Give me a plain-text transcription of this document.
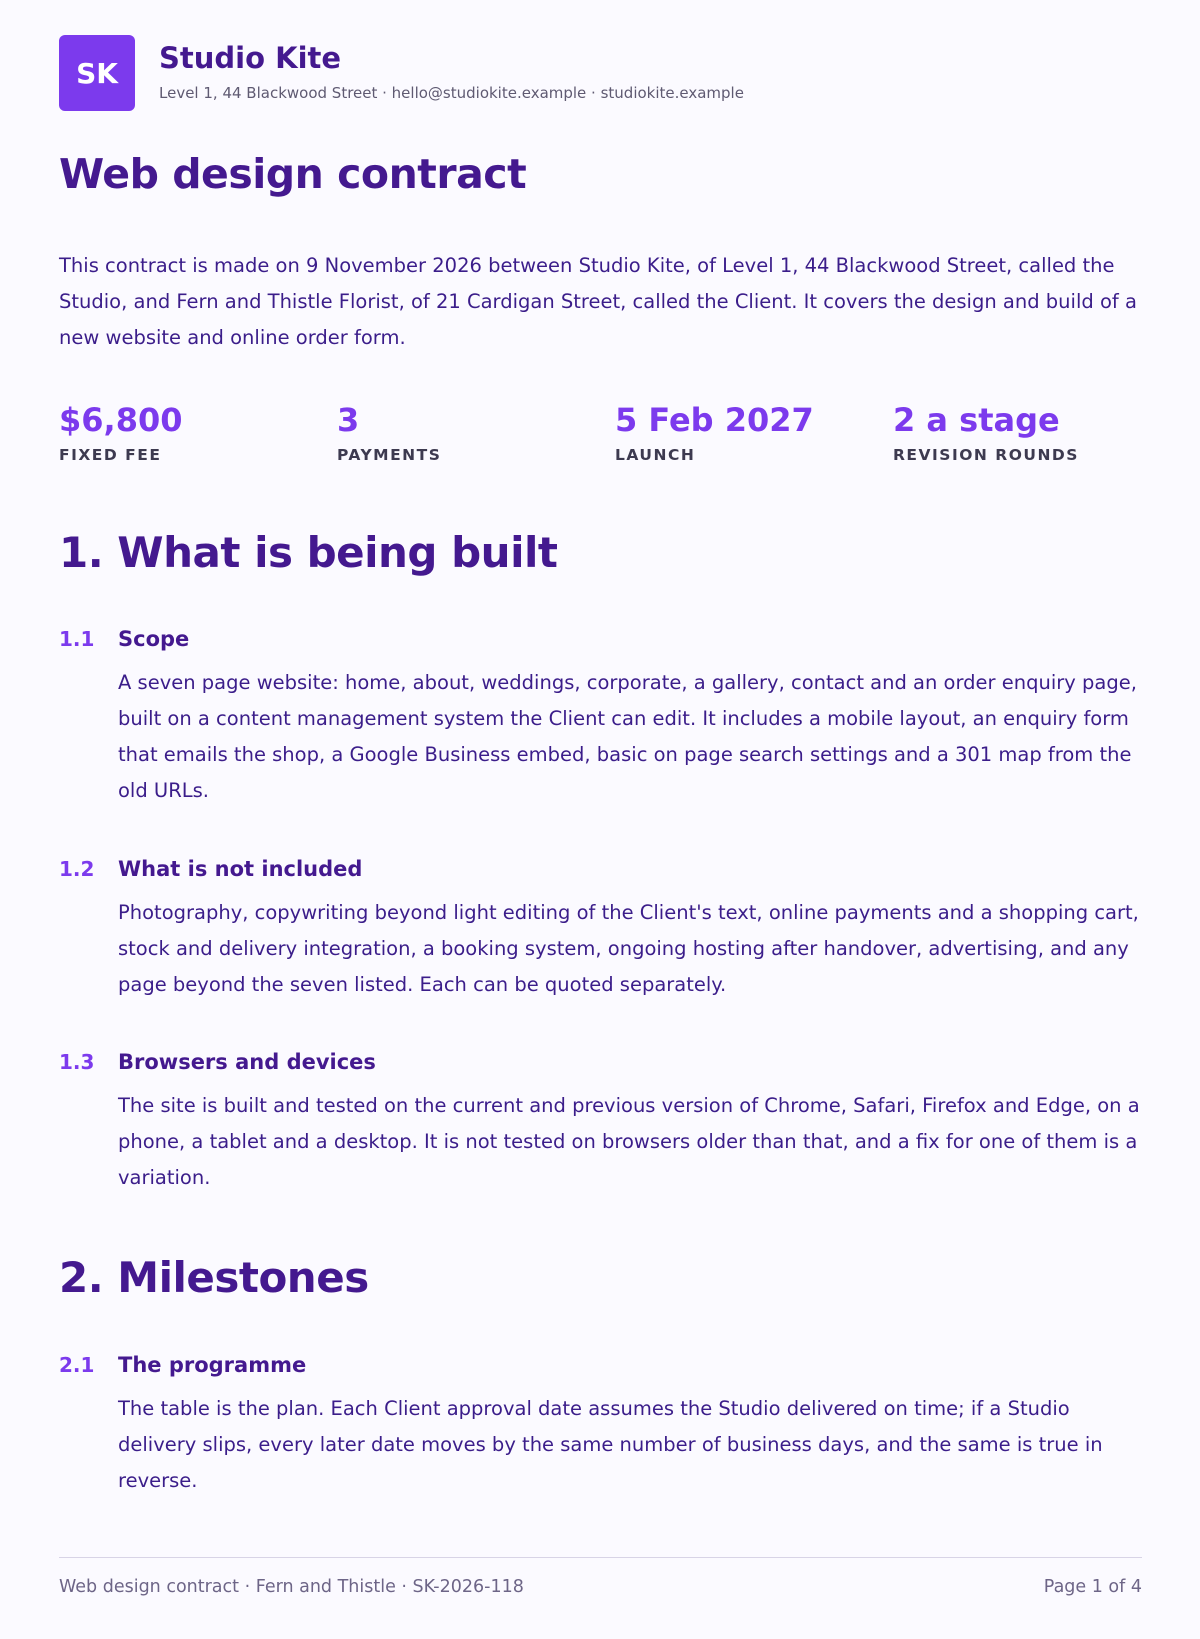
SK Studio Kite
Level 1, 44 Blackwood Street · hello@studiokite.example · studiokite.example
Web design contract

This contract is made on 9 November 2026 between Studio Kite, of Level 1, 44 Blackwood Street, called the Studio, and Fern and Thistle Florist, of 21 Cardigan Street, called the Client. It covers the design and build of a new website and online order form.

$6,800
FIXED FEE
3
PAYMENTS
5 Feb 2027
LAUNCH
2 a stage
REVISION ROUNDS
1. What is being built
1.1 Scope

A seven page website: home, about, weddings, corporate, a gallery, contact and an order enquiry page, built on a content management system the Client can edit. It includes a mobile layout, an enquiry form that emails the shop, a Google Business embed, basic on page search settings and a 301 map from the old URLs.

1.2 What is not included

Photography, copywriting beyond light editing of the Client's text, online payments and a shopping cart, stock and delivery integration, a booking system, ongoing hosting after handover, advertising, and any page beyond the seven listed. Each can be quoted separately.

1.3 Browsers and devices

The site is built and tested on the current and previous version of Chrome, Safari, Firefox and Edge, on a phone, a tablet and a desktop. It is not tested on browsers older than that, and a fix for one of them is a variation.

2. Milestones
2.1 The programme

The table is the plan. Each Client approval date assumes the Studio delivered on time; if a Studio delivery slips, every later date moves by the same number of business days, and the same is true in reverse.

Web design contract · Fern and Thistle · SK-2026-118	Page 1 of 4
